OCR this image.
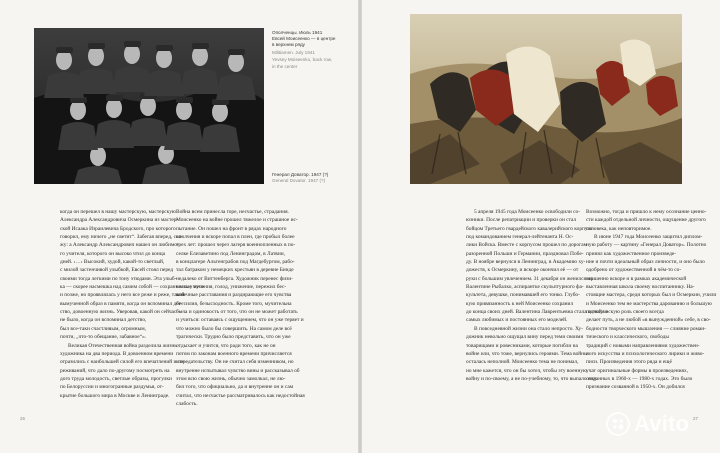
Ополченцы. Июль 1941
Евсей Моисеенко — в центре
в верхнем ряду
Militiamen. July 1941
Yevsey Moiseenko, back row,
in the center
Генерал Доватор. 1947 (?)
General Dovator. 1947 (?)
когда он перешел в нашу мастерскую, мастерскую
Александра Александровича Осмеркина из мастер-
ской Исаака Израилевича Бродского, про которого
говорил, ему ничего „не светит“. Забегая вперед, ска-
жу: а Александр Александрович нашел он любимо-
го учителя, которого он высоко чтил до конца
дней. ‹…› Высокий, худой, какой-то светлый,
с милой застенчивой улыбкой, Евсей стоял перед
своими тогда легкими по тону этюдами. Эта улыб-
ка — скорее насмешка над самим собой — сохранилась у него
и позже, но проявлялась у него все реже и реже, такой
вымученной образ в памяти, когда он вспоминал дет-
ство, довоенную жизнь. Уверовав, какой он сейчас —
не было, когда он вспоминал детство,
был все-таки счастливым, огромным,
почти, „что-то обещание, забавное“».
Великая Отечественная война разделила жизнь
художника на два периода. В довоенном времени
отразились с наибольшей силой его впечатлений и пе-
реживаний, что дало по-другому посмотреть на
дого труда молодость, светлые образы, прогулки
по Белоруссии и многогранные раздумья, от-
крытие большого мира в Москве и Ленинграде.
Война всем принесла горе, несчастье, страдания.
Моисеенко на войне прошел тяжелое и страшное ис-
пытание. Он пошел на фронт в рядах народного
ополчения и вскоре попал в плен, где пробыл более
трех лет: прошел через лагеря военнопленных в по-
селке Елизаветино под Ленинградом, в Латвии,
в концлагере Альтенграбов под Магдебургом, рабо-
тал батраком у немецких крестьян в деревне Бинде
недалеко от Виттенберга. Художник перенес физи-
ческие мучения, голод, унижение, пережил бес-
конечные расставания и раздирающие его чувства
бессилия, безысходность. Кроме того, мучительна
была и одинокость от того, что он не может работать
и учиться: оставаясь с ощущением, что он уже теряет и
что можно было бы совершить. На самом деле всё
трагически. Трудно было представить, что он уже
отдыхает и учится, что ради того, как не он
потом по законам военного времени причисляется
к предательству. Он не считал себя изменником, но
внутренне испытывал чувство вины и рассказывал об
этом всю свою жизнь, обычно замолкал, не лю-
бил того, что официально, да и внутренне он и сам
считал, что несчастье рассматривалось как недостойная
слабость.
5 апреля 1945 года Моисеенко освободили со-
юзники. После репатриации и проверки он стал
бойцом Третьего гвардейского кавалерийского корпуса
под командованием генерал-лейтенанта Н. Ос-
лики Войска. Вместе с корпусом прошел по дорогам
разоренной Польши и Германии, праздновал Побе-
ду. В ноябре вернулся в Ленинград, в Академию ху-
дожеств, к Осмеркину, и вскоре окончил её — от
руки с большим увлечением. 31 декабря он женился на
Валентине Рыбалко, аспирантке скульптурного фа-
культета, девушке, понимавшей его тонко. Глубо-
кую привязанность к ней Моисеенко сохранил
до конца своих дней. Валентина Лаврентьевна стала одной из
самых любимых и постоянных его моделей.
В повседневной жизни она стало непросто. Ху-
дожник невольно ощущал вину перед теми своими
товарищами и ровесниками, которые погибли на
войне или, что тоже, вернулись героями. Тема войны
осталась неполной. Моисеенко тема не понимал,
но мне кажется, что он бы хотел, чтобы эту военную
войну и по-своему, а не по-учебному, то, что выпало ему.
Возможно, тогда и пришло к нему осознание ценно-
сти каждой отдельной личности, ощущение другого
человека, как неповторимое.
В июне 1947 года Моисеенко защитил диплом-
ную работу — картину «Генерал Доватор». Полотно
принял как художественное произведе-
ние и почти идеальный образ личности, и оно было
одобрено от художественной в чём-то со-
вершенно вскоре и в рамках академической
выставленная школа своему воспитаннику. На-
стоящие мастера, среди которых был и Осмеркин, учили
и Моисеенко тем не мастерства дарованию и большую
по творческую роль своего всегда
делает путь, а не любой «в вынужденной» себе, в сво-
бодности творческого мышления — слияние роман-
тического и классического, свободы
традиций с новыми направлениями художествен-
ного искусства и психологического лирики и живо-
писи. Произведения этого ряда и ещё
учат оригинальные формы в произведениях,
созданных в 1960-х — 1980-х годах. Это было
признание созванной в 1950-х. Он добился
26	27
Avito
